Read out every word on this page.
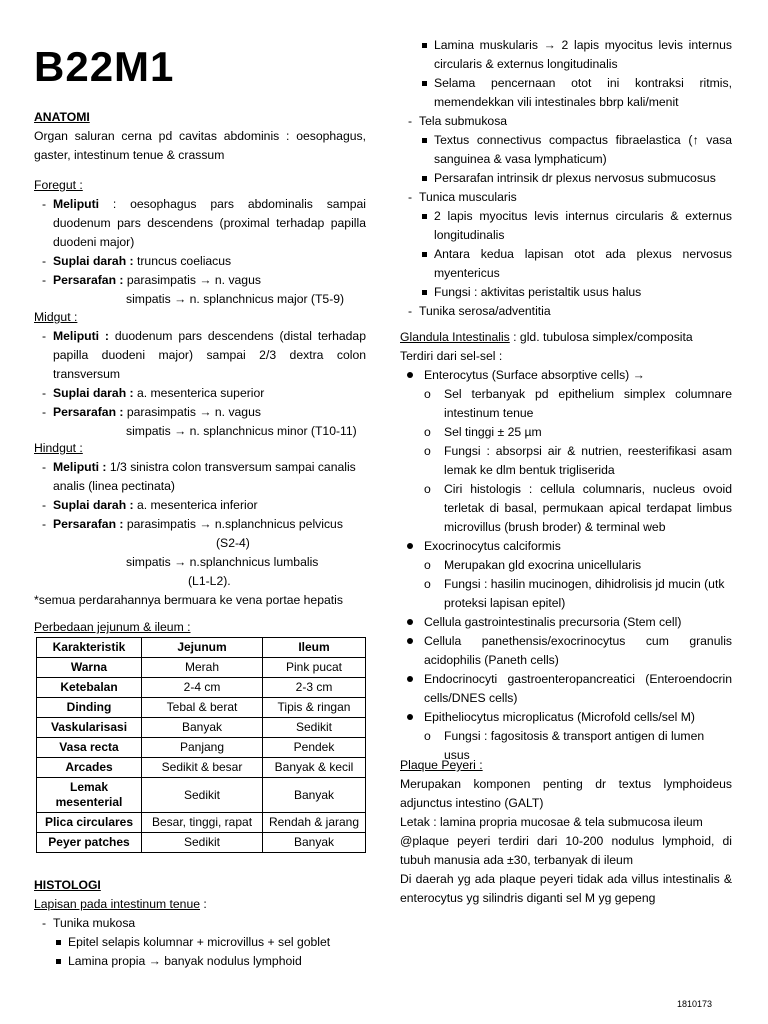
B22M1
ANATOMI
Organ saluran cerna pd cavitas abdominis : oesophagus, gaster, intestinum tenue & crassum
Foregut :
- Meliputi : oesophagus pars abdominalis sampai duodenum pars descendens (proximal terhadap papilla duodeni major)
- Suplai darah : truncus coeliacus
- Persarafan : parasimpatis → n. vagus
simpatis → n. splanchnicus major (T5-9)
Midgut :
- Meliputi : duodenum pars descendens (distal terhadap papilla duodeni major) sampai 2/3 dextra colon transversum
- Suplai darah : a. mesenterica superior
- Persarafan : parasimpatis → n. vagus
simpatis → n. splanchnicus minor (T10-11)
Hindgut :
- Meliputi : 1/3 sinistra colon transversum sampai canalis analis (linea pectinata)
- Suplai darah : a. mesenterica inferior
- Persarafan : parasimpatis → n.splanchnicus pelvicus
(S2-4)
simpatis → n.splanchnicus lumbalis
(L1-L2).
*semua perdarahannya bermuara ke vena portae hepatis
Perbedaan jejunum & ileum :
Karakteristik	Jejunum	Ileum
Warna	Merah	Pink pucat
Ketebalan	2-4 cm	2-3 cm
Dinding	Tebal & berat	Tipis & ringan
Vaskularisasi	Banyak	Sedikit
Vasa recta	Panjang	Pendek
Arcades	Sedikit & besar	Banyak & kecil
Lemak mesenterial	Sedikit	Banyak
Plica circulares	Besar, tinggi, rapat	Rendah & jarang
Peyer patches	Sedikit	Banyak
HISTOLOGI
Lapisan pada intestinum tenue :
- Tunika mukosa
Epitel selapis kolumnar + microvillus + sel goblet
Lamina propia → banyak nodulus lymphoid
Lamina muskularis → 2 lapis myocitus levis internus circularis & externus longitudinalis
Selama pencernaan otot ini kontraksi ritmis, memendekkan vili intestinales bbrp kali/menit
- Tela submukosa
Textus connectivus compactus fibraelastica (↑ vasa sanguinea & vasa lymphaticum)
Persarafan intrinsik dr plexus nervosus submucosus
- Tunica muscularis
2 lapis myocitus levis internus circularis & externus longitudinalis
Antara kedua lapisan otot ada plexus nervosus myentericus
Fungsi : aktivitas peristaltik usus halus
- Tunika serosa/adventitia
Glandula Intestinalis : gld. tubulosa simplex/composita
Terdiri dari sel-sel :
Enterocytus (Surface absorptive cells) →
o Sel terbanyak pd epithelium simplex columnare intestinum tenue
o Sel tinggi ± 25 µm
o Fungsi : absorpsi air & nutrien, reesterifikasi asam lemak ke dlm bentuk trigliserida
o Ciri histologis : cellula columnaris, nucleus ovoid terletak di basal, permukaan apical terdapat limbus microvillus (brush broder) & terminal web
Exocrinocytus calciformis
o Merupakan gld exocrina unicellularis
o Fungsi : hasilin mucinogen, dihidrolisis jd mucin (utk proteksi lapisan epitel)
Cellula gastrointestinalis precursoria (Stem cell)
Cellula panethensis/exocrinocytus cum granulis acidophilis (Paneth cells)
Endocrinocyti gastroenteropancreatici (Enteroendocrin cells/DNES cells)
Epitheliocytus microplicatus (Microfold cells/sel M)
o Fungsi : fagositosis & transport antigen di lumen usus
Plaque Peyeri :
Merupakan komponen penting dr textus lymphoideus adjunctus intestino (GALT)
Letak : lamina propria mucosae & tela submucosa ileum
@plaque peyeri terdiri dari 10-200 nodulus lymphoid, di tubuh manusia ada ±30, terbanyak di ileum
Di daerah yg ada plaque peyeri tidak ada villus intestinalis & enterocytus yg silindris diganti sel M yg gepeng
1810173
